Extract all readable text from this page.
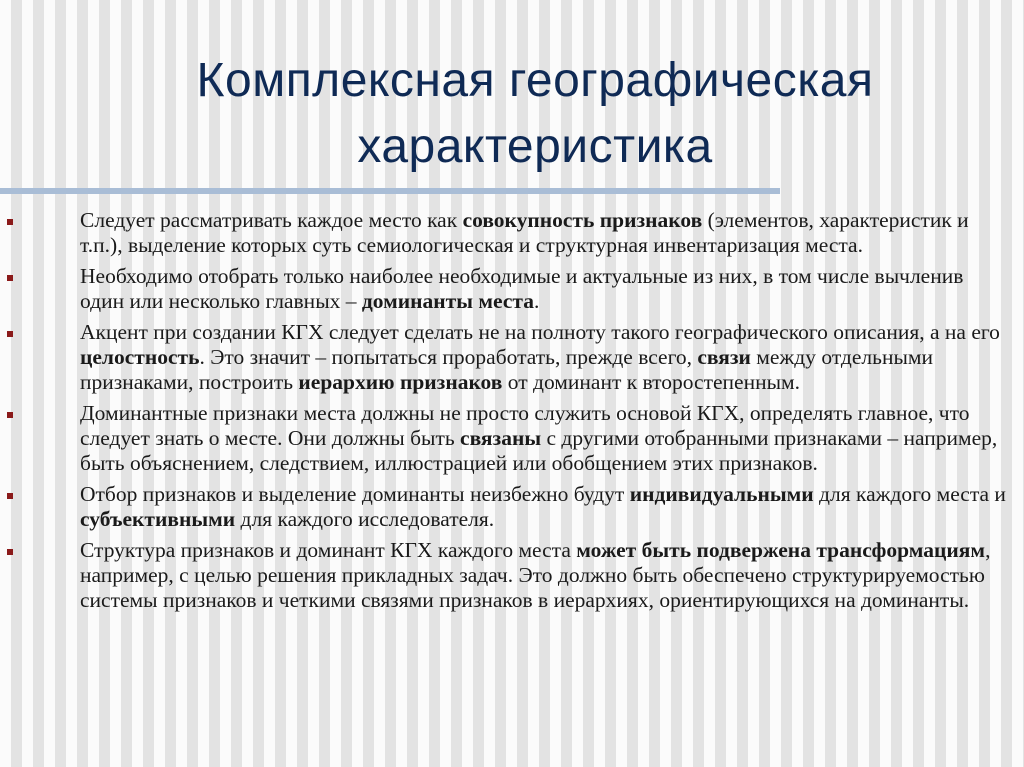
Комплексная географическая
характеристика
Следует рассматривать каждое место как совокупность признаков (элементов, характеристик и т.п.), выделение которых суть семиологическая и структурная инвентаризация места.
Необходимо отобрать только наиболее необходимые и актуальные из них, в том числе вычленив один или несколько главных – доминанты места.
Акцент при создании КГХ следует сделать не на полноту такого географического описания, а на его целостность. Это значит – попытаться проработать, прежде всего, связи между отдельными признаками, построить иерархию признаков от доминант к второстепенным.
Доминантные признаки места должны не просто служить основой КГХ, определять главное, что следует знать о месте. Они должны быть связаны с другими отобранными признаками – например, быть объяснением, следствием, иллюстрацией или обобщением этих признаков.
Отбор признаков и выделение доминанты неизбежно будут индивидуальными для каждого места и субъективными для каждого исследователя.
Структура признаков и доминант КГХ каждого места может быть подвержена трансформациям, например, с целью решения прикладных задач. Это должно быть обеспечено структурируемостью системы признаков и четкими связями признаков в иерархиях, ориентирующихся на доминанты.
